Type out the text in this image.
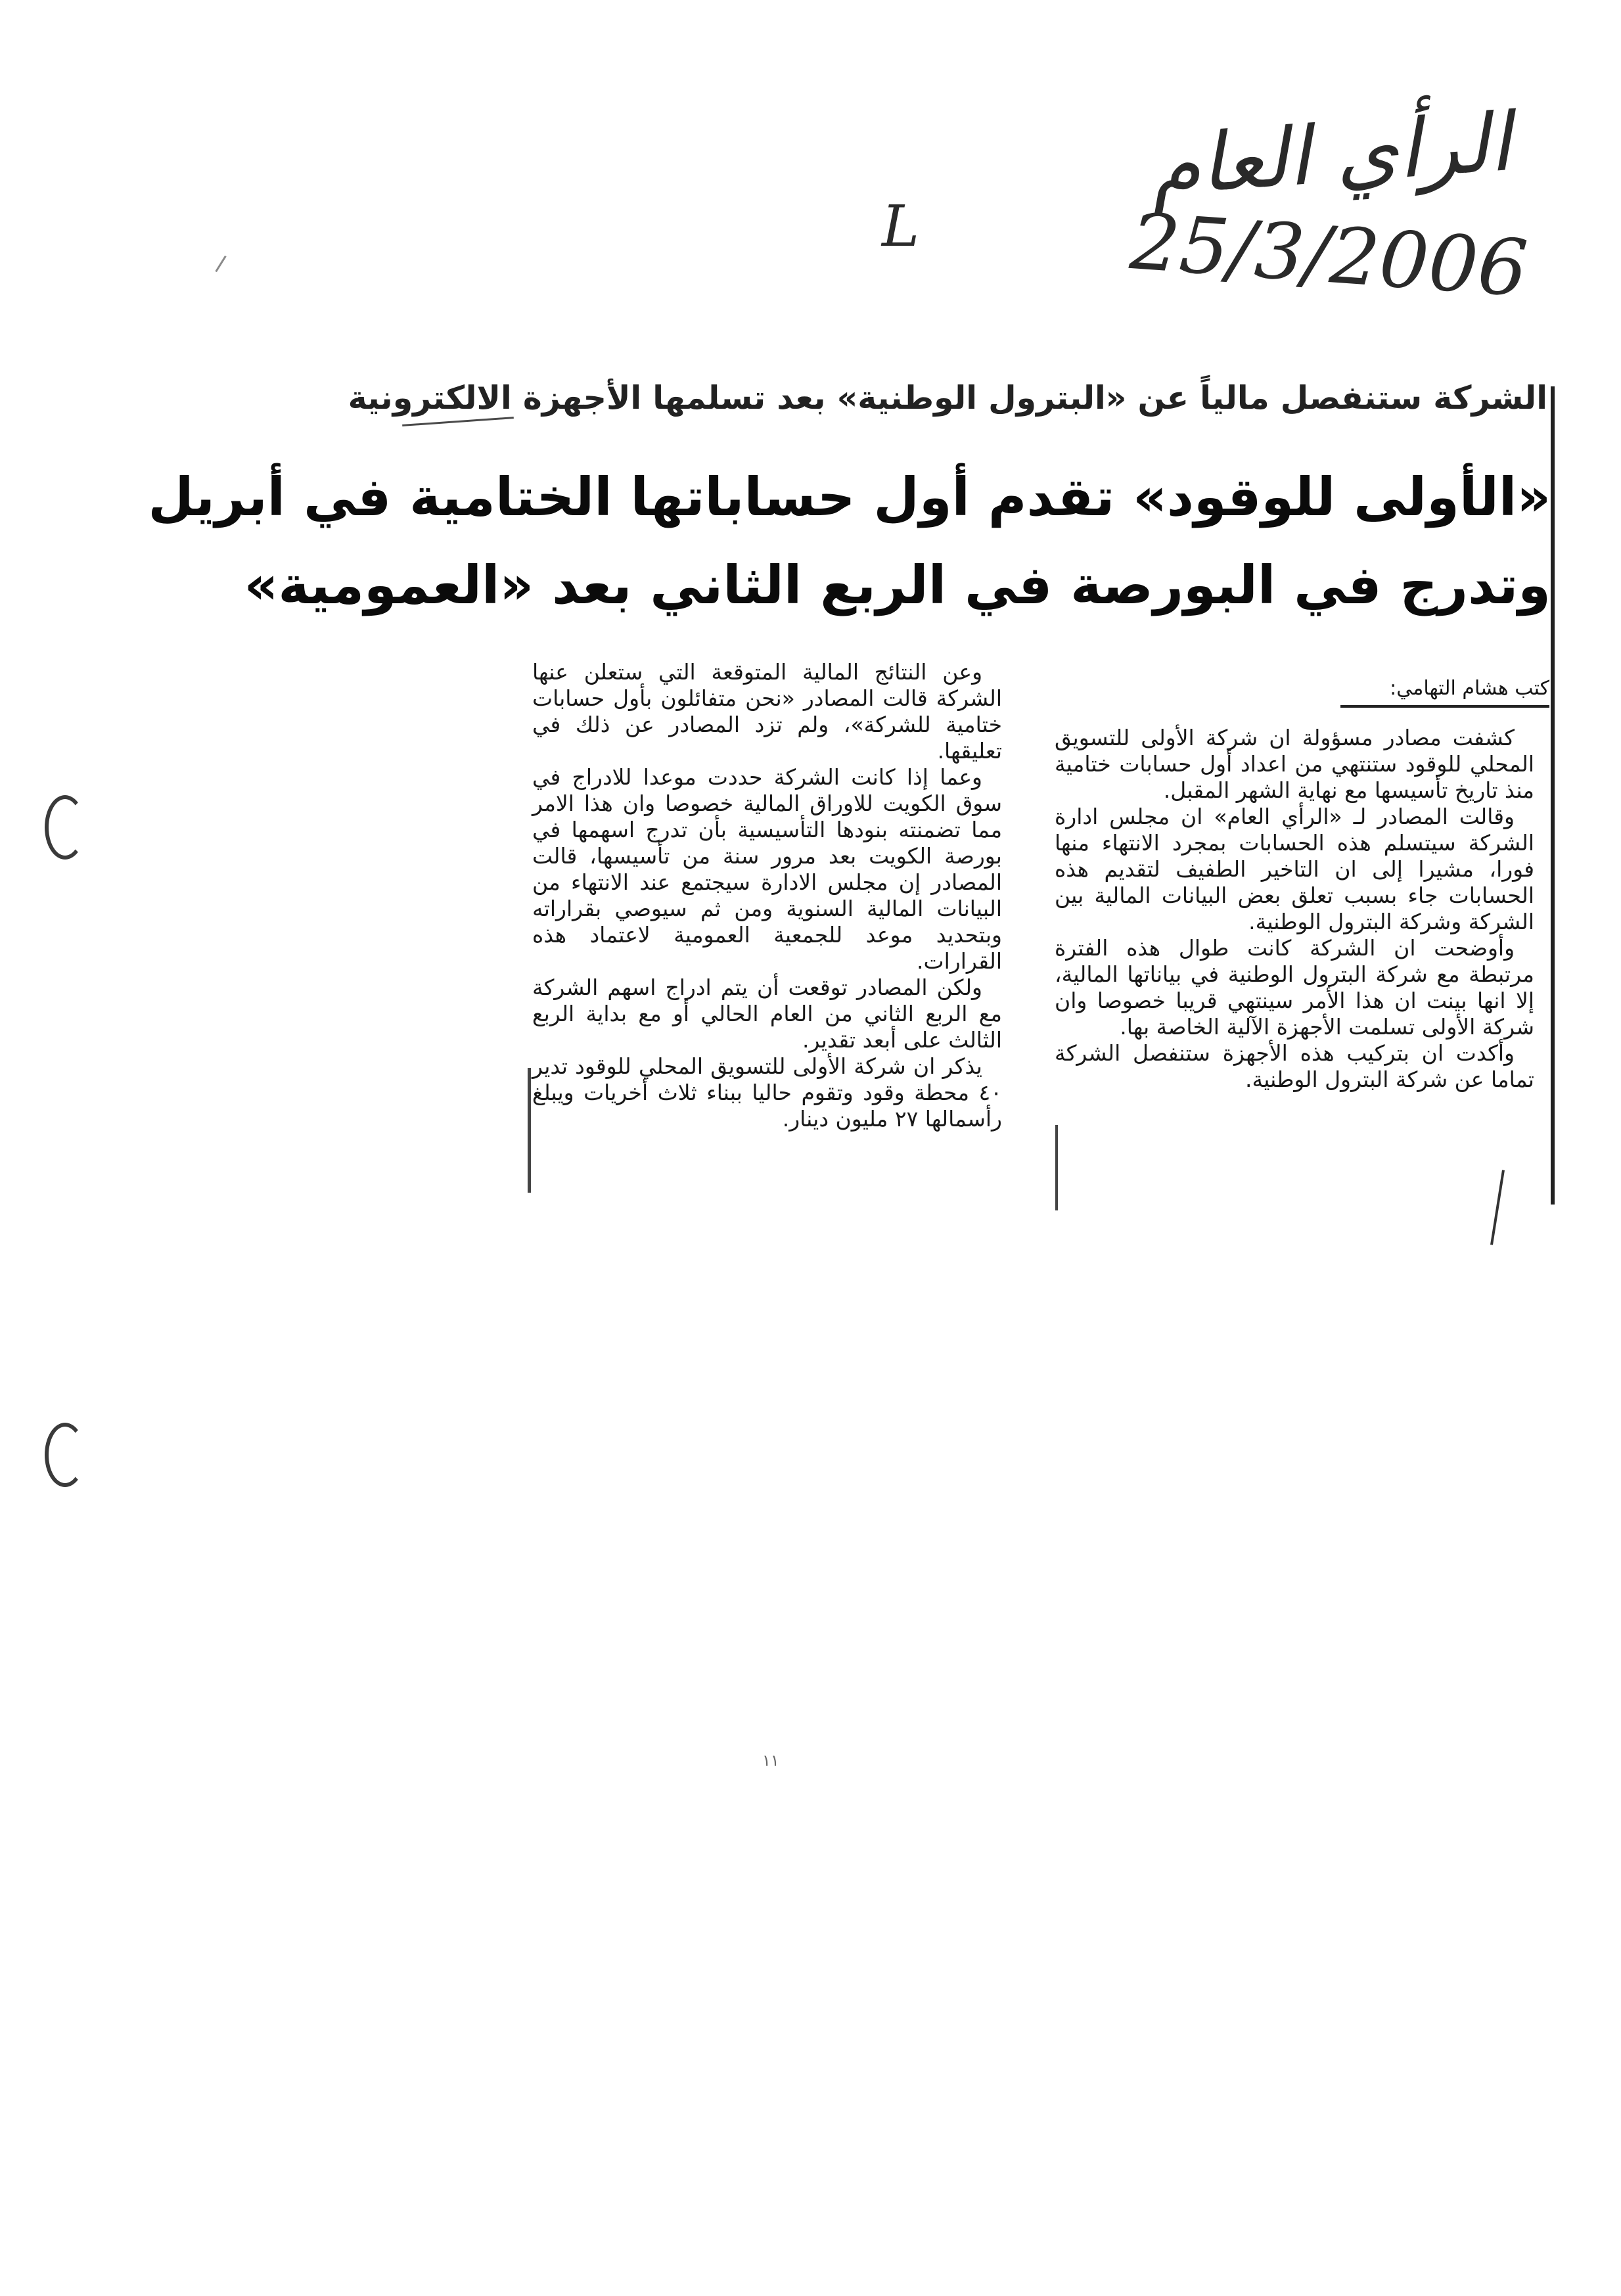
الرأي العام
25/3/2006
L
الشركة ستنفصل مالياً عن «البترول الوطنية» بعد تسلمها الأجهزة الالكترونية
«الأولى للوقود» تقدم أول حساباتها الختامية في أبريل
وتدرج في البورصة في الربع الثاني بعد «العمومية»
كتب هشام التهامي:

كشفت مصادر مسؤولة ان شركة الأولى للتسويق المحلي للوقود ستنتهي من اعداد أول حسابات ختامية منذ تاريخ تأسيسها مع نهاية الشهر المقبل.

وقالت المصادر لـ «الرأي العام» ان مجلس ادارة الشركة سيتسلم هذه الحسابات بمجرد الانتهاء منها فورا، مشيرا إلى ان التاخير الطفيف لتقديم هذه الحسابات جاء بسبب تعلق بعض البيانات المالية بين الشركة وشركة البترول الوطنية.

وأوضحت ان الشركة كانت طوال هذه الفترة مرتبطة مع شركة البترول الوطنية في بياناتها المالية، إلا انها بينت ان هذا الأمر سينتهي قريبا خصوصا وان شركة الأولى تسلمت الأجهزة الآلية الخاصة بها.

وأكدت ان بتركيب هذه الأجهزة ستنفصل الشركة تماما عن شركة البترول الوطنية.

وعن النتائج المالية المتوقعة التي ستعلن عنها الشركة قالت المصادر «نحن متفائلون بأول حسابات ختامية للشركة»، ولم تزد المصادر عن ذلك في تعليقها.

وعما إذا كانت الشركة حددت موعدا للادراج في سوق الكويت للاوراق المالية خصوصا وان هذا الامر مما تضمنته بنودها التأسيسية بأن تدرج اسهمها في بورصة الكويت بعد مرور سنة من تأسيسها، قالت المصادر إن مجلس الادارة سيجتمع عند الانتهاء من البيانات المالية السنوية ومن ثم سيوصي بقراراته وبتحديد موعد للجمعية العمومية لاعتماد هذه القرارات.

ولكن المصادر توقعت أن يتم ادراج اسهم الشركة مع الربع الثاني من العام الحالي أو مع بداية الربع الثالث على أبعد تقدير.

يذكر ان شركة الأولى للتسويق المحلي للوقود تدير ٤٠ محطة وقود وتقوم حاليا ببناء ثلاث أخريات ويبلغ رأسمالها ٢٧ مليون دينار.

١١
